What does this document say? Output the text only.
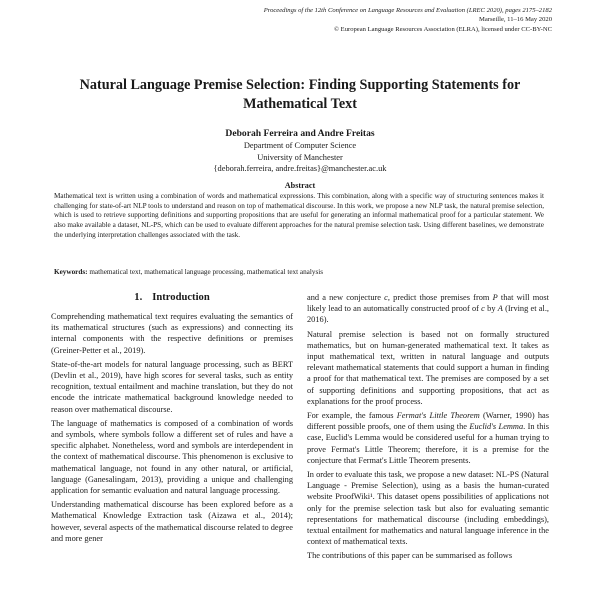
Proceedings of the 12th Conference on Language Resources and Evaluation (LREC 2020), pages 2175–2182
Marseille, 11–16 May 2020
© European Language Resources Association (ELRA), licensed under CC-BY-NC
Natural Language Premise Selection: Finding Supporting Statements for Mathematical Text
Deborah Ferreira and Andre Freitas
Department of Computer Science
University of Manchester
{deborah.ferreira, andre.freitas}@manchester.ac.uk
Abstract

Mathematical text is written using a combination of words and mathematical expressions. This combination, along with a specific way of structuring sentences makes it challenging for state-of-art NLP tools to understand and reason on top of mathematical discourse. In this work, we propose a new NLP task, the natural premise selection, which is used to retrieve supporting definitions and supporting propositions that are useful for generating an informal mathematical proof for a particular statement. We also make available a dataset, NL-PS, which can be used to evaluate different approaches for the natural premise selection task. Using different baselines, we demonstrate the underlying interpretation challenges associated with the task.

Keywords: mathematical text, mathematical language processing, mathematical text analysis
1. Introduction

Comprehending mathematical text requires evaluating the semantics of its mathematical structures (such as expressions) and connecting its internal components with the respective definitions or premises (Greiner-Petter et al., 2019).

State-of-the-art models for natural language processing, such as BERT (Devlin et al., 2019), have high scores for several tasks, such as entity recognition, textual entailment and machine translation, but they do not encode the intricate mathematical background knowledge needed to reason over mathematical discourse.

The language of mathematics is composed of a combination of words and symbols, where symbols follow a different set of rules and have a specific alphabet. Nonetheless, word and symbols are interdependent in the context of mathematical discourse. This phenomenon is exclusive to mathematical language, not found in any other natural, or artificial, language (Ganesalingam, 2013), providing a unique and challenging application for semantic evaluation and natural language processing.

Understanding mathematical discourse has been explored before as a Mathematical Knowledge Extraction task (Aizawa et al., 2014); however, several aspects of the mathematical discourse related to degree and more gener

and a new conjecture c, predict those premises from P that will most likely lead to an automatically constructed proof of c by A (Irving et al., 2016).

Natural premise selection is based not on formally structured mathematics, but on human-generated mathematical text. It takes as input mathematical text, written in natural language and outputs relevant mathematical statements that could support a human in finding a proof for that mathematical text. The premises are composed by a set of supporting definitions and supporting propositions, that act as explanations for the proof process.

For example, the famous Fermat's Little Theorem (Warner, 1990) has different possible proofs, one of them using the Euclid's Lemma. In this case, Euclid's Lemma would be considered useful for a human trying to prove Fermat's Little Theorem; therefore, it is a premise for the conjecture that Fermat's Little Theorem presents.

In order to evaluate this task, we propose a new dataset: NL-PS (Natural Language - Premise Selection), using as a basis the human-curated website ProofWiki¹. This dataset opens possibilities of applications not only for the premise selection task but also for evaluating semantic representations for mathematical discourse (including embeddings), textual entailment for mathematics and natural language inference in the context of mathematical texts.

The contributions of this paper can be summarised as follows
